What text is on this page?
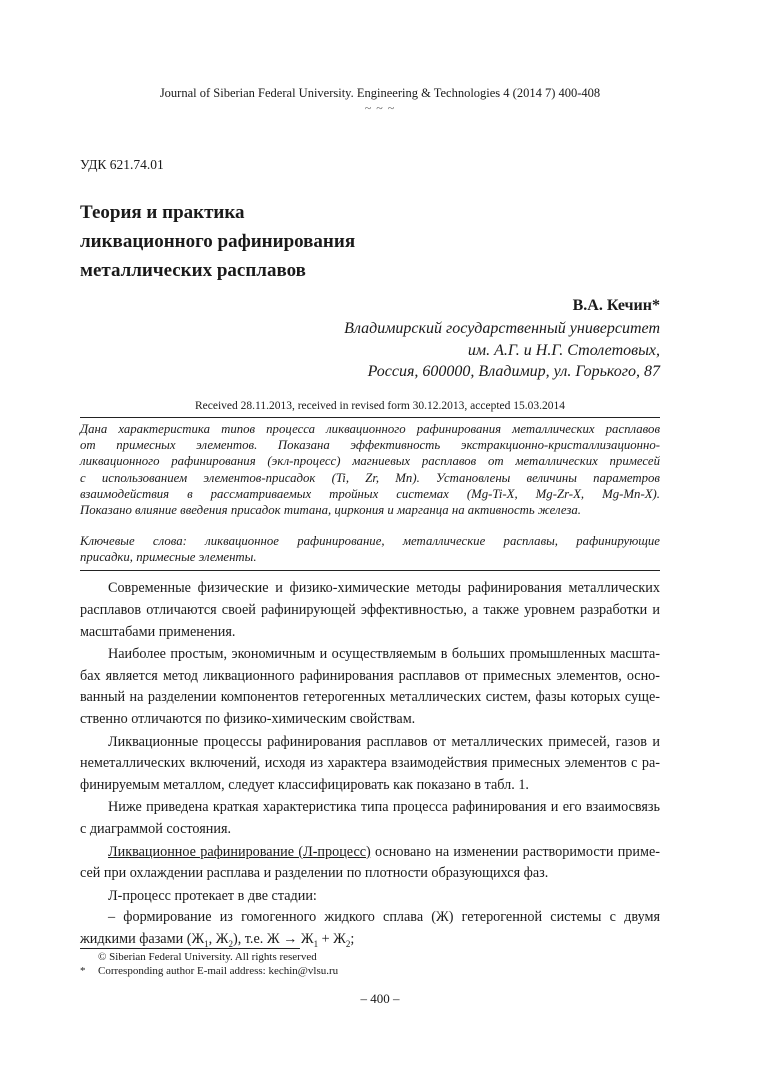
Journal of Siberian Federal University. Engineering & Technologies 4 (2014 7) 400-408

~ ~ ~

УДК 621.74.01

Теория и практика
ликвационного рафинирования
металлических расплавов

В.А. Кечин*

Владимирский государственный университет
им. А.Г. и Н.Г. Столетовых,
Россия, 600000, Владимир, ул. Горького, 87

Received 28.11.2013, received in revised form 30.12.2013, accepted 15.03.2014

Дана характеристика типов процесса ликвационного рафинирования металлических расплавов
от примесных элементов. Показана эффективность экстракционно-кристаллизационно-
ликвационного рафинирования (экл-процесс) магниевых расплавов от металлических примесей
с использованием элементов-присадок (Ti, Zr, Mn). Установлены величины параметров
взаимодействия в рассматриваемых тройных системах (Mg-Ti-X, Mg-Zr-X, Mg-Mn-X).
Показано влияние введения присадок титана, циркония и марганца на активность железа.
Ключевые слова: ликвационное рафинирование, металлические расплавы, рафинирующие
присадки, примесные элементы.
Современные физические и физико-химические методы рафинирования металлических
расплавов отличаются своей рафинирующей эффективностью, а также уровнем разработки и
масштабами применения.
Наиболее простым, экономичным и осуществляемым в больших промышленных масшта-
бах является метод ликвационного рафинирования расплавов от примесных элементов, осно-
ванный на разделении компонентов гетерогенных металлических систем, фазы которых суще-
ственно отличаются по физико-химическим свойствам.
Ликвационные процессы рафинирования расплавов от металлических примесей, газов и
неметаллических включений, исходя из характера взаимодействия примесных элементов с ра-
финируемым металлом, следует классифицировать как показано в табл. 1.
Ниже приведена краткая характеристика типа процесса рафинирования и его взаимосвязь
с диаграммой состояния.
Ликвационное рафинирование (Л-процесс) основано на изменении растворимости приме-
сей при охлаждении расплава и разделении по плотности образующихся фаз.
Л-процесс протекает в две стадии:
– формирование из гомогенного жидкого сплава (Ж) гетерогенной системы с двумя
жидкими фазами ($Ж_1$, $Ж_2$), т.е. $Ж \to Ж_1 + Ж_2$;

© Siberian Federal University. All rights reserved

* Corresponding author E-mail address: kechin@vlsu.ru

– 400 –
